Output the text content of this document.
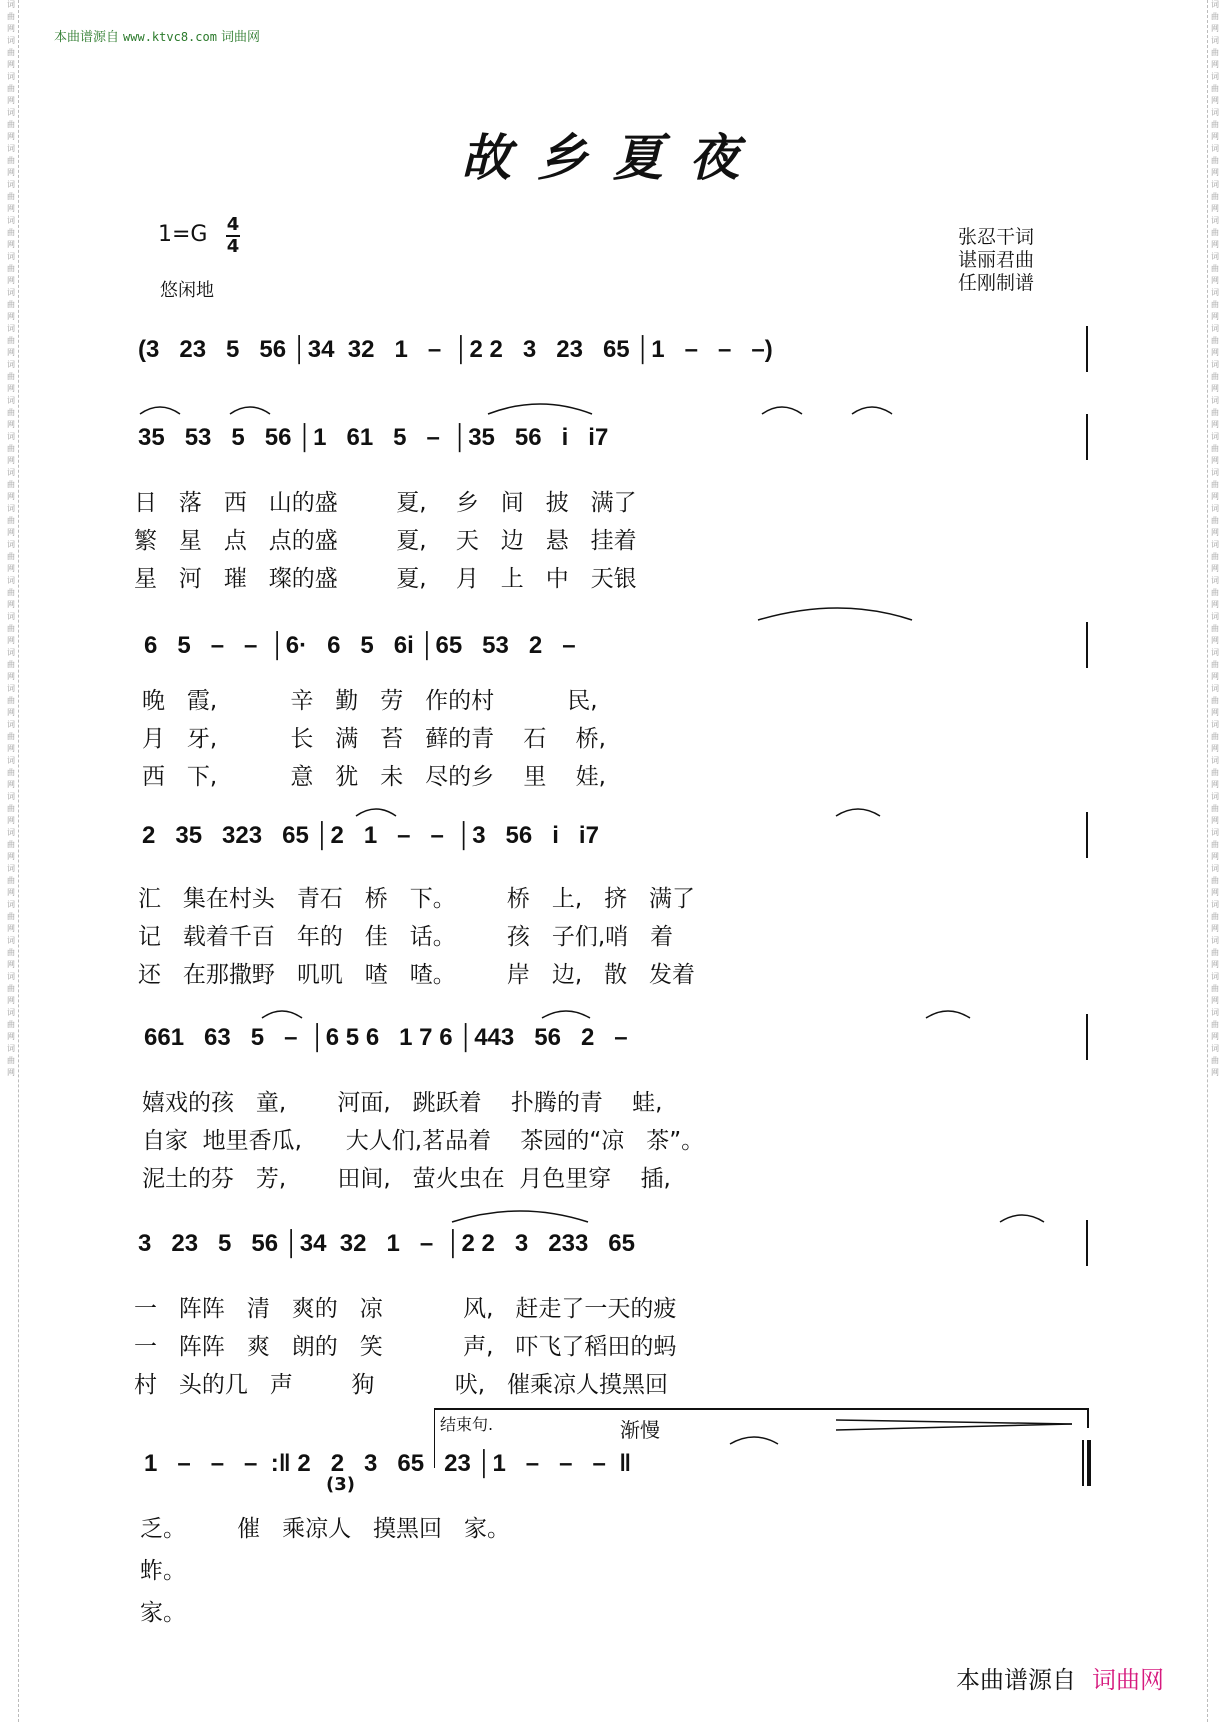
词
曲
网
词
曲
网
词
曲
网
词
曲
网
词
曲
网
词
曲
网
词
曲
网
词
曲
网
词
曲
网
词
曲
网
词
曲
网
词
曲
网
词
曲
网
词
曲
网
词
曲
网
词
曲
网
词
曲
网
词
曲
网
词
曲
网
词
曲
网
词
曲
网
词
曲
网
词
曲
网
词
曲
网
词
曲
网
词
曲
网
词
曲
网
词
曲
网
词
曲
网
词
曲
网
词
曲
网
词
曲
网
词
曲
网
词
曲
网
词
曲
网
词
曲
网
词
曲
网
词
曲
网
词
曲
网
词
曲
网
词
曲
网
词
曲
网
词
曲
网
词
曲
网
词
曲
网
词
曲
网
词
曲
网
词
曲
网
词
曲
网
词
曲
网
词
曲
网
词
曲
网
词
曲
网
词
曲
网
词
曲
网
词
曲
网
词
曲
网
词
曲
网
词
曲
网
词
曲
网
本曲谱源自 www.ktvc8.com 词曲网
故乡夏夜
1=G 4
4
悠闲地
张忍干词
谌丽君曲
任刚制谱
(3   23   5   56 │34  32   1   –  │2 2   3   23   65 │1   –   –   –)
35   53   5   56 │1   61   5   –  │35   56   i   i7
日   落   西   山的盛        夏,    乡   间   披   满了
繁   星   点   点的盛        夏,    天   边   悬   挂着
星   河   璀   璨的盛        夏,    月   上   中   天银
6   5   –   –  │6·   6   5   6i │65   53   2   –
晚   霞,          辛   勤   劳   作的村          民,
月   牙,          长   满   苔   藓的青    石    桥,
西   下,          意   犹   未   尽的乡    里    娃,
2   35   323   65 │2   1   –   –  │3   56   i   i7
汇   集在村头   青石   桥   下。       桥   上,   挤   满了
记   载着千百   年的   佳   话。       孩   子们,哨   着
还   在那撒野   叽叽   喳   喳。       岸   边,   散   发着
661   63   5   –  │6 5 6   1 7 6 │443   56   2   –
嬉戏的孩   童,       河面,   跳跃着    扑腾的青    蛙,
自家  地里香瓜,      大人们,茗品着    茶园的“凉   茶”。
泥土的芬   芳,       田间,   萤火虫在  月色里穿    插,
3   23   5   56 │34  32   1   –  │2 2   3   233   65
一   阵阵   清   爽的   凉           风,   赶走了一天的疲
一   阵阵   爽   朗的   笑           声,   吓飞了稻田的蚂
村   头的几   声        狗           吠,   催乘凉人摸黑回
结束句.	渐慢
1   –   –   –  :‖ 2   2   3   65   23 │1   –   –   –  ‖
(3)
乏。       催   乘凉人   摸黑回   家。
蚱。
家。
本曲谱源自 词曲网
